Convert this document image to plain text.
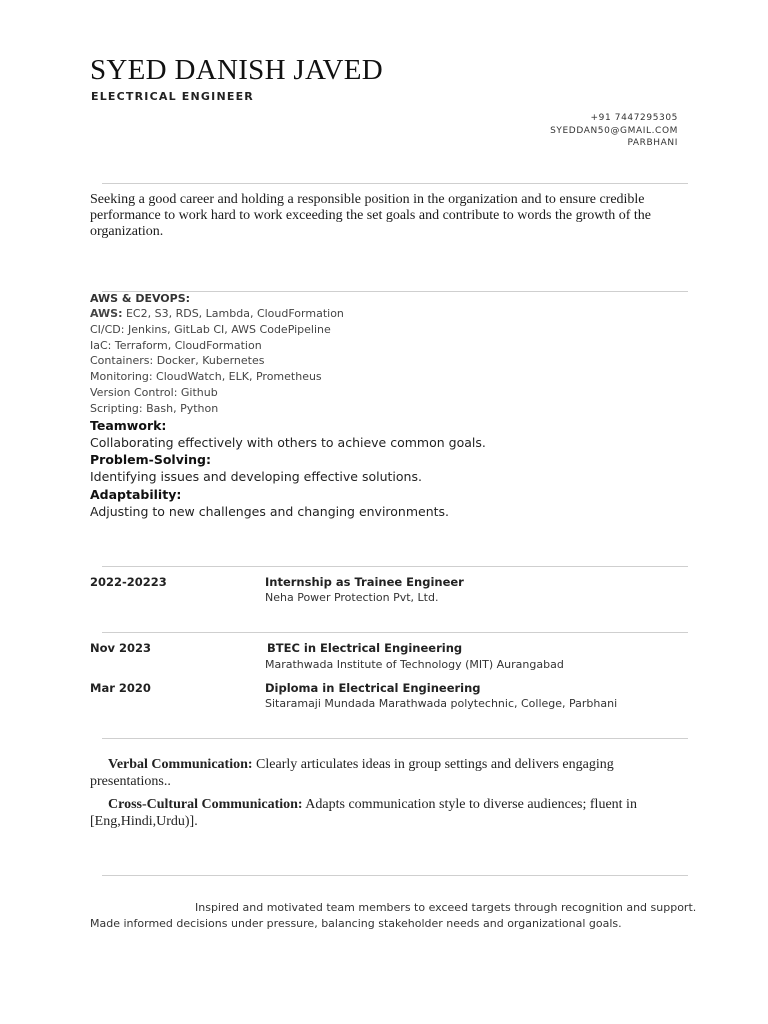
SYED DANISH JAVED
ELECTRICAL ENGINEER
+91 7447295305
SYEDDAN50@GMAIL.COM
PARBHANI
Seeking a good career and holding a responsible position in the organization and to ensure credible performance to work hard to work exceeding the set goals and contribute to words the growth of the organization.
AWS & DEVOPS:
AWS: EC2, S3, RDS, Lambda, CloudFormation
CI/CD: Jenkins, GitLab CI, AWS CodePipeline
IaC: Terraform, CloudFormation
Containers: Docker, Kubernetes
Monitoring: CloudWatch, ELK, Prometheus
Version Control: Github
Scripting: Bash, Python
Teamwork:
Collaborating effectively with others to achieve common goals.
Problem-Solving:
Identifying issues and developing effective solutions.
Adaptability:
Adjusting to new challenges and changing environments.
2022-20223	Internship as Trainee Engineer
Neha Power Protection Pvt, Ltd.
Nov 2023	BTEC in Electrical Engineering
Marathwada Institute of Technology (MIT) Aurangabad
Mar 2020	Diploma in Electrical Engineering
Sitaramaji Mundada Marathwada polytechnic, College, Parbhani
Verbal Communication: Clearly articulates ideas in group settings and delivers engaging presentations..
Cross-Cultural Communication: Adapts communication style to diverse audiences; fluent in [Eng,Hindi,Urdu)].
Inspired and motivated team members to exceed targets through recognition and support.
Made informed decisions under pressure, balancing stakeholder needs and organizational goals.
